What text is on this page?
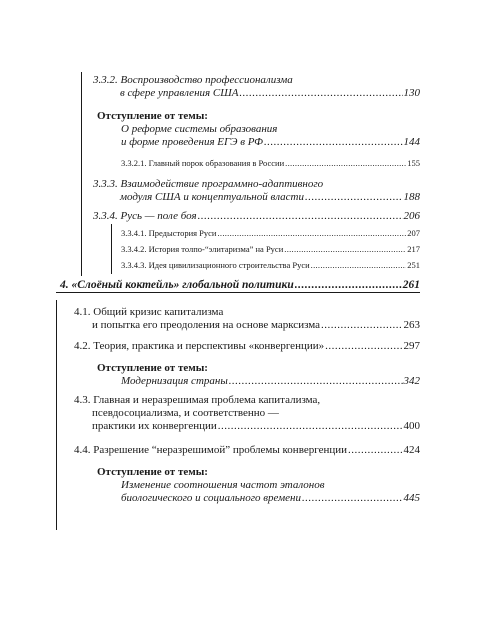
3.3.2. Воспроизводство профессионализма
в сфере управления США .....	130
Отступление от темы:
О реформе системы образования
и форме проведения ЕГЭ в РФ .....	144
3.3.2.1. Главный порок образования в России .....	155
3.3.3. Взаимодействие программно-адаптивного
модуля США и концептуальной власти .....	188
3.3.4. Русь — поле боя .....	206
3.3.4.1. Предыстория Руси .....	207
3.3.4.2. История толпо-“элитаризма” на Руси .....	217
3.3.4.3. Идея цивилизационного строительства Руси .....	251
4. «Слоёный коктейль» глобальной политики .....	261
4.1. Общий кризис капитализма
и попытка его преодоления на основе марксизма .....	263
4.2. Теория, практика и перспективы «конвергенции» .....	297
Отступление от темы:
Модернизация страны .....	342
4.3. Главная и неразрешимая проблема капитализма,
псевдосоциализма, и соответственно —
практики их конвергенции .....	400
4.4. Разрешение “неразрешимой” проблемы конвергенции .....	424
Отступление от темы:
Изменение соотношения частот эталонов
биологического и социального времени .....	445
